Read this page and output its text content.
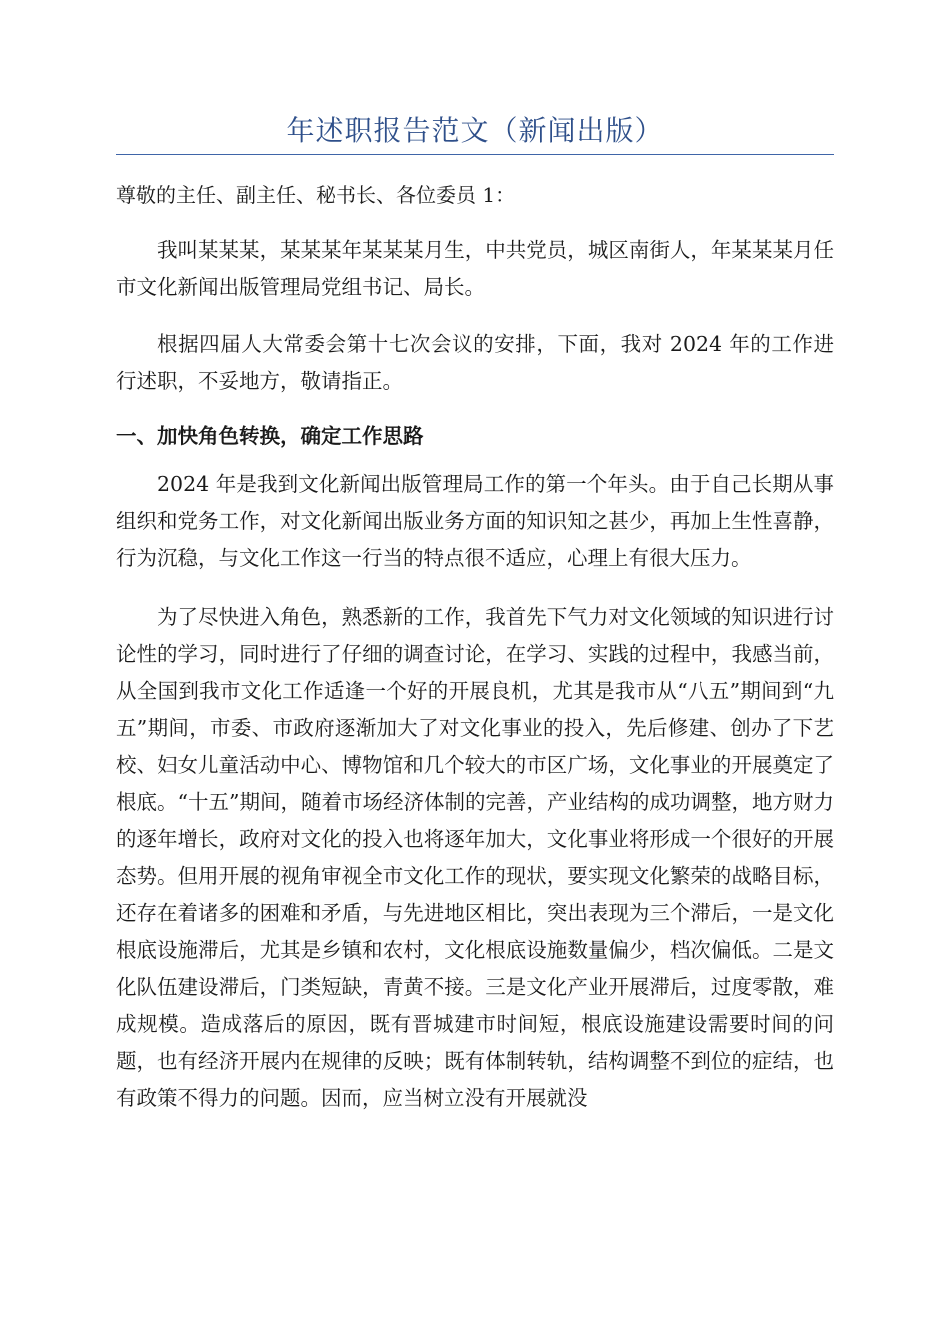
年述职报告范文（新闻出版）
尊敬的主任、副主任、秘书长、各位委员 1：

我叫某某某，某某某年某某某月生，中共党员，城区南街人，年某某某月任市文化新闻出版管理局党组书记、局长。

根据四届人大常委会第十七次会议的安排，下面，我对 2024 年的工作进行述职，不妥地方，敬请指正。

一、加快角色转换，确定工作思路

2024 年是我到文化新闻出版管理局工作的第一个年头。由于自己长期从事组织和党务工作，对文化新闻出版业务方面的知识知之甚少，再加上生性喜静，行为沉稳，与文化工作这一行当的特点很不适应，心理上有很大压力。

为了尽快进入角色，熟悉新的工作，我首先下气力对文化领域的知识进行讨论性的学习，同时进行了仔细的调查讨论，在学习、实践的过程中，我感当前，从全国到我市文化工作适逢一个好的开展良机，尤其是我市从“八五”期间到“九五”期间，市委、市政府逐渐加大了对文化事业的投入，先后修建、创办了下艺校、妇女儿童活动中心、博物馆和几个较大的市区广场，文化事业的开展奠定了根底。“十五”期间，随着市场经济体制的完善，产业结构的成功调整，地方财力的逐年增长，政府对文化的投入也将逐年加大，文化事业将形成一个很好的开展态势。但用开展的视角审视全市文化工作的现状，要实现文化繁荣的战略目标，还存在着诸多的困难和矛盾，与先进地区相比，突出表现为三个滞后，一是文化根底设施滞后，尤其是乡镇和农村，文化根底设施数量偏少，档次偏低。二是文化队伍建设滞后，门类短缺，青黄不接。三是文化产业开展滞后，过度零散，难成规模。造成落后的原因，既有晋城建市时间短，根底设施建设需要时间的问题，也有经济开展内在规律的反映；既有体制转轨，结构调整不到位的症结，也有政策不得力的问题。因而，应当树立没有开展就没
